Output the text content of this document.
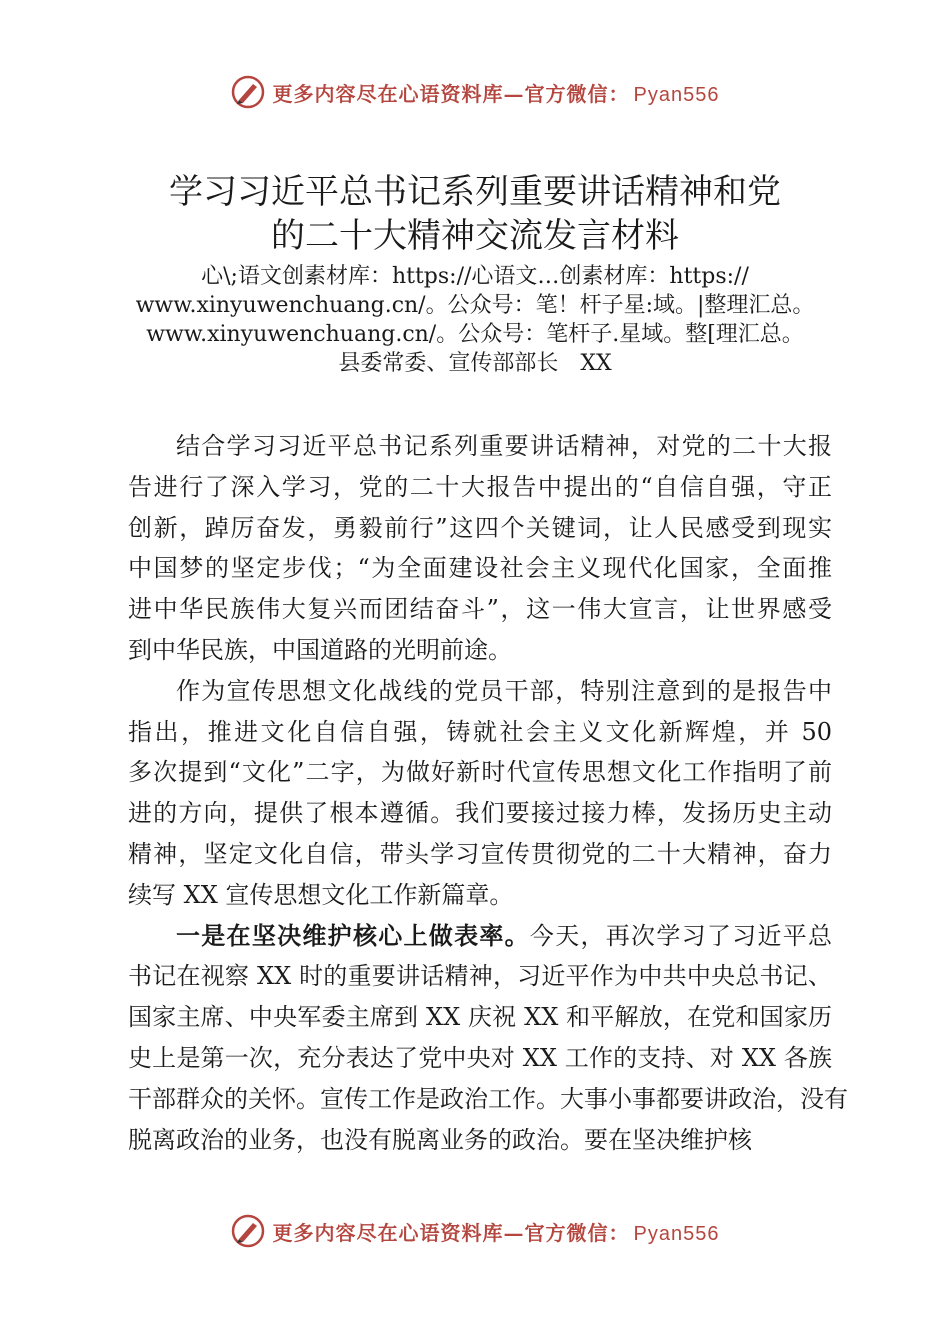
更多内容尽在心语资料库—官方微信： Pyan556
学习习近平总书记系列重要讲话精神和党
的二十大精神交流发言材料
心\;语文创素材库：https://心语文…创素材库：https://
www.xinyuwenchuang.cn/。公众号：笔！杆子星:域。|整理汇总。
www.xinyuwenchuang.cn/。公众号：笔杆子.星域。整[理汇总。
县委常委、宣传部部长　XX
结合学习习近平总书记系列重要讲话精神，对党的二十大报
告进行了深入学习，党的二十大报告中提出的“自信自强，守正
创新，踔厉奋发，勇毅前行”这四个关键词，让人民感受到现实
中国梦的坚定步伐；“为全面建设社会主义现代化国家，全面推
进中华民族伟大复兴而团结奋斗”，这一伟大宣言，让世界感受
到中华民族，中国道路的光明前途。
作为宣传思想文化战线的党员干部，特别注意到的是报告中
指出，推进文化自信自强，铸就社会主义文化新辉煌，并 50
多次提到“文化”二字，为做好新时代宣传思想文化工作指明了前
进的方向，提供了根本遵循。我们要接过接力棒，发扬历史主动
精神，坚定文化自信，带头学习宣传贯彻党的二十大精神，奋力
续写 XX 宣传思想文化工作新篇章。
一是在坚决维护核心上做表率。今天，再次学习了习近平总
书记在视察 XX 时的重要讲话精神，习近平作为中共中央总书记、
国家主席、中央军委主席到 XX 庆祝 XX 和平解放，在党和国家历
史上是第一次，充分表达了党中央对 XX 工作的支持、对 XX 各族
干部群众的关怀。宣传工作是政治工作。大事小事都要讲政治，没有
脱离政治的业务，也没有脱离业务的政治。要在坚决维护核
更多内容尽在心语资料库—官方微信： Pyan556
